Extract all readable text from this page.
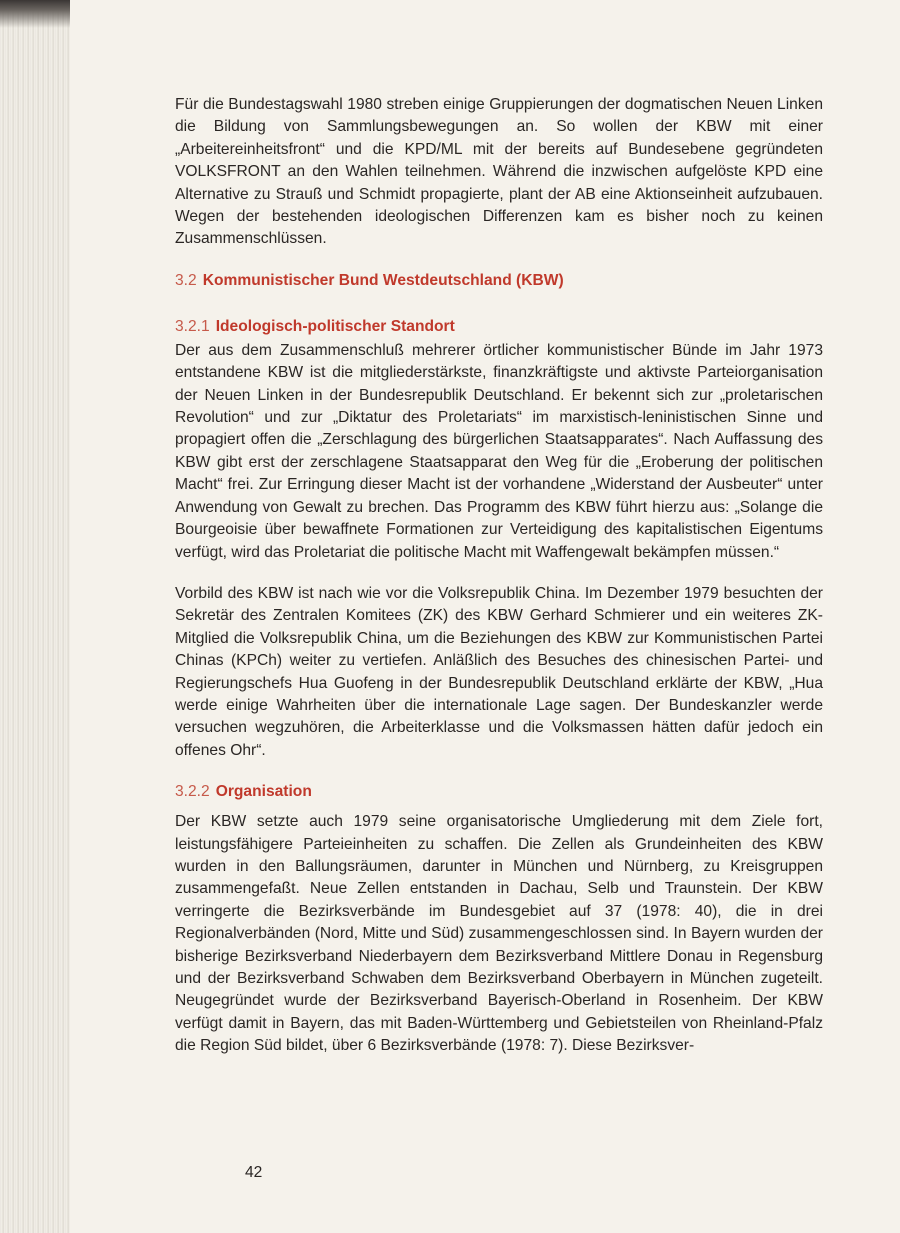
Für die Bundestagswahl 1980 streben einige Gruppierungen der dogmatischen Neuen Linken die Bildung von Sammlungsbewegungen an. So wollen der KBW mit einer „Arbeitereinheitsfront“ und die KPD/ML mit der bereits auf Bundesebene gegründeten VOLKSFRONT an den Wahlen teilnehmen. Während die inzwischen aufgelöste KPD eine Alternative zu Strauß und Schmidt propagierte, plant der AB eine Aktionseinheit aufzubauen. Wegen der bestehenden ideologischen Differenzen kam es bisher noch zu keinen Zusammenschlüssen.

3.2 Kommunistischer Bund Westdeutschland (KBW)
3.2.1 Ideologisch-politischer Standort

Der aus dem Zusammenschluß mehrerer örtlicher kommunistischer Bünde im Jahr 1973 entstandene KBW ist die mitgliederstärkste, finanzkräftigste und aktivste Parteiorganisation der Neuen Linken in der Bundesrepublik Deutschland. Er bekennt sich zur „proletarischen Revolution“ und zur „Diktatur des Proletariats“ im marxistisch-leninistischen Sinne und propagiert offen die „Zerschlagung des bürgerlichen Staatsapparates“. Nach Auffassung des KBW gibt erst der zerschlagene Staatsapparat den Weg für die „Eroberung der politischen Macht“ frei. Zur Erringung dieser Macht ist der vorhandene „Widerstand der Ausbeuter“ unter Anwendung von Gewalt zu brechen. Das Programm des KBW führt hierzu aus: „Solange die Bourgeoisie über bewaffnete Formationen zur Verteidigung des kapitalistischen Eigentums verfügt, wird das Proletariat die politische Macht mit Waffengewalt bekämpfen müssen.“

Vorbild des KBW ist nach wie vor die Volksrepublik China. Im Dezember 1979 besuchten der Sekretär des Zentralen Komitees (ZK) des KBW Gerhard Schmierer und ein weiteres ZK-Mitglied die Volksrepublik China, um die Beziehungen des KBW zur Kommunistischen Partei Chinas (KPCh) weiter zu vertiefen. Anläßlich des Besuches des chinesischen Partei- und Regierungschefs Hua Guofeng in der Bundesrepublik Deutschland erklärte der KBW, „Hua werde einige Wahrheiten über die internationale Lage sagen. Der Bundeskanzler werde versuchen wegzuhören, die Arbeiterklasse und die Volksmassen hätten dafür jedoch ein offenes Ohr“.

3.2.2 Organisation

Der KBW setzte auch 1979 seine organisatorische Umgliederung mit dem Ziele fort, leistungsfähigere Parteieinheiten zu schaffen. Die Zellen als Grundeinheiten des KBW wurden in den Ballungsräumen, darunter in München und Nürnberg, zu Kreisgruppen zusammengefaßt. Neue Zellen entstanden in Dachau, Selb und Traunstein. Der KBW verringerte die Bezirksverbände im Bundesgebiet auf 37 (1978: 40), die in drei Regionalverbänden (Nord, Mitte und Süd) zusammengeschlossen sind. In Bayern wurden der bisherige Bezirksverband Niederbayern dem Bezirksverband Mittlere Donau in Regensburg und der Bezirksverband Schwaben dem Bezirksverband Oberbayern in München zugeteilt. Neugegründet wurde der Bezirksverband Bayerisch-Oberland in Rosenheim. Der KBW verfügt damit in Bayern, das mit Baden-Württemberg und Gebietsteilen von Rheinland-Pfalz die Region Süd bildet, über 6 Bezirksverbände (1978: 7). Diese Bezirksver-

42
